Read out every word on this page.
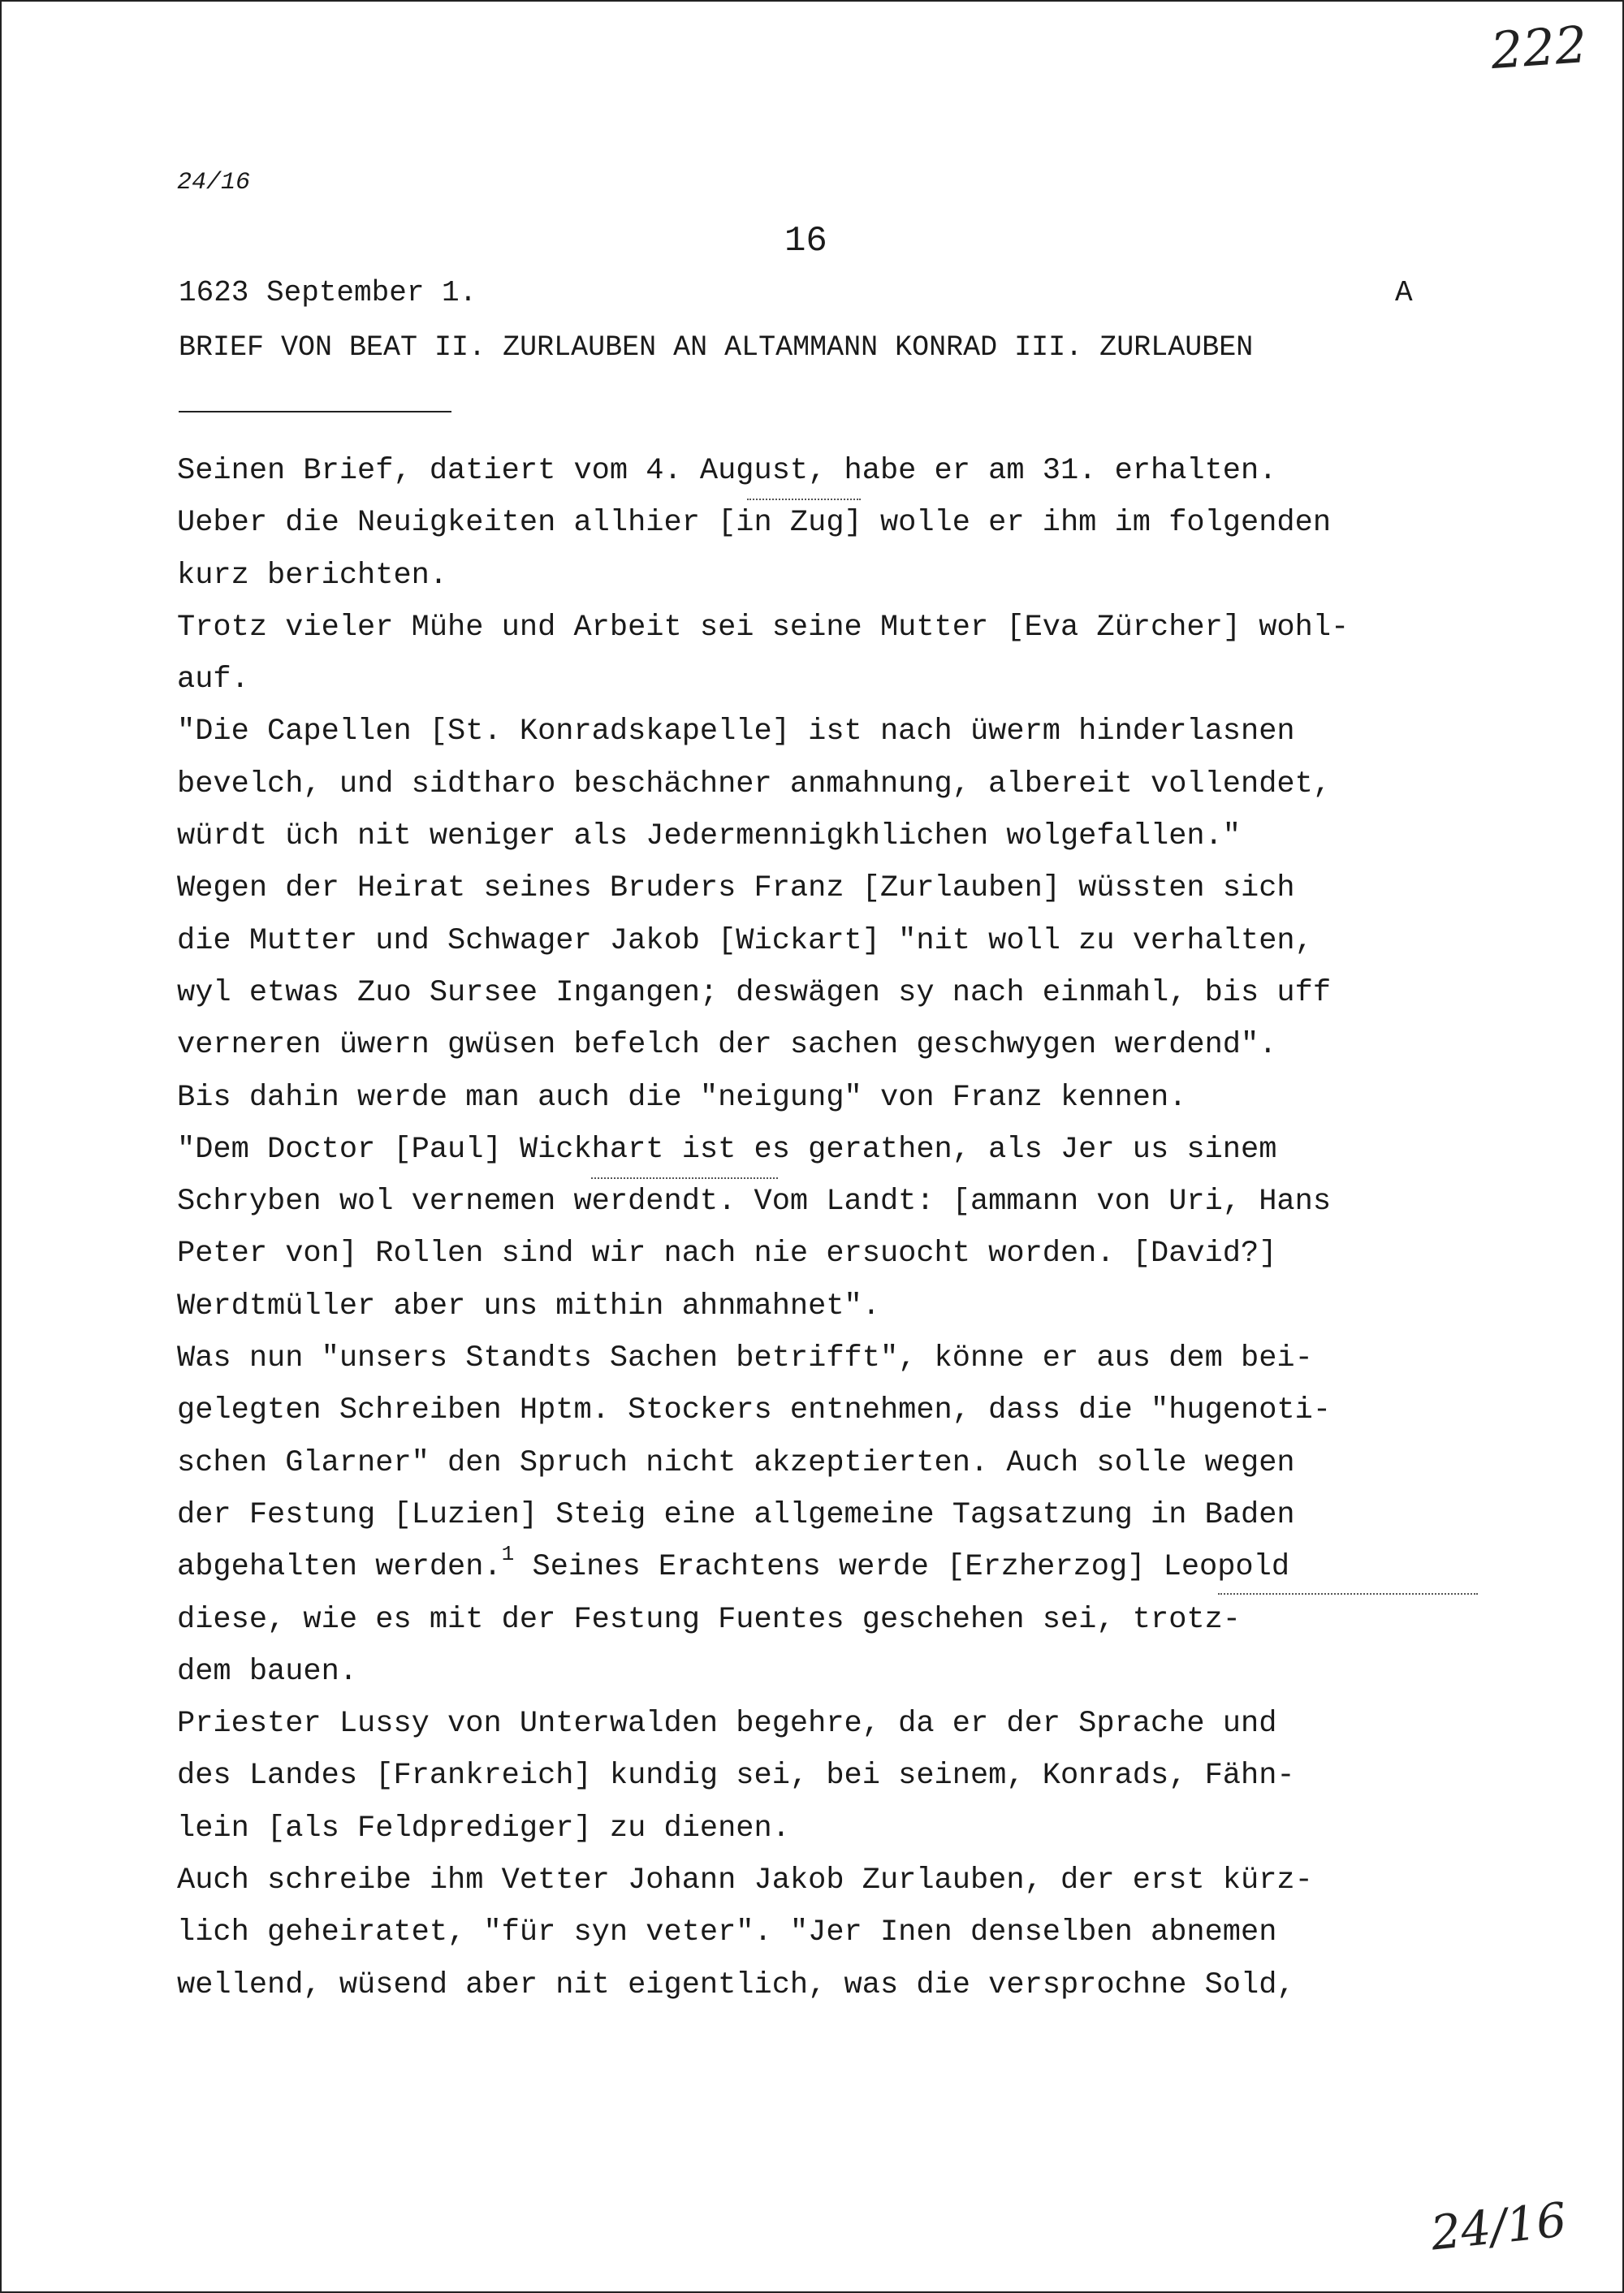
222
24/16
16
1623 September 1.	A
BRIEF VON BEAT II. ZURLAUBEN AN ALTAMMANN KONRAD III. ZURLAUBEN
Seinen Brief, datiert vom 4. August, habe er am 31. erhalten.
Ueber die Neuigkeiten allhier [in Zug] wolle er ihm im folgenden
kurz berichten.
Trotz vieler Mühe und Arbeit sei seine Mutter [Eva Zürcher] wohl-
auf.
"Die Capellen [St. Konradskapelle] ist nach üwerm hinderlasnen
bevelch, und sidtharo beschächner anmahnung, albereit vollendet,
würdt üch nit weniger als Jedermennigkhlichen wolgefallen."
Wegen der Heirat seines Bruders Franz [Zurlauben] wüssten sich
die Mutter und Schwager Jakob [Wickart] "nit woll zu verhalten,
wyl etwas Zuo Sursee Ingangen; deswägen sy nach einmahl, bis uff
verneren üwern gwüsen befelch der sachen geschwygen werdend".
Bis dahin werde man auch die "neigung" von Franz kennen.
"Dem Doctor [Paul] Wickhart ist es gerathen, als Jer us sinem
Schryben wol vernemen werdendt. Vom Landt: [ammann von Uri, Hans
Peter von] Rollen sind wir nach nie ersuocht worden. [David?]
Werdtmüller aber uns mithin ahnmahnet".
Was nun "unsers Standts Sachen betrifft", könne er aus dem bei-
gelegten Schreiben Hptm. Stockers entnehmen, dass die "hugenoti-
schen Glarner" den Spruch nicht akzeptierten. Auch solle wegen
der Festung [Luzien] Steig eine allgemeine Tagsatzung in Baden
abgehalten werden.$^1$ Seines Erachtens werde [Erzherzog] Leopold
diese, wie es mit der Festung Fuentes geschehen sei, trotz-
dem bauen.
Priester Lussy von Unterwalden begehre, da er der Sprache und
des Landes [Frankreich] kundig sei, bei seinem, Konrads, Fähn-
lein [als Feldprediger] zu dienen.
Auch schreibe ihm Vetter Johann Jakob Zurlauben, der erst kürz-
lich geheiratet, "für syn veter". "Jer Inen denselben abnemen
wellend, wüsend aber nit eigentlich, was die versprochne Sold,
24/16
